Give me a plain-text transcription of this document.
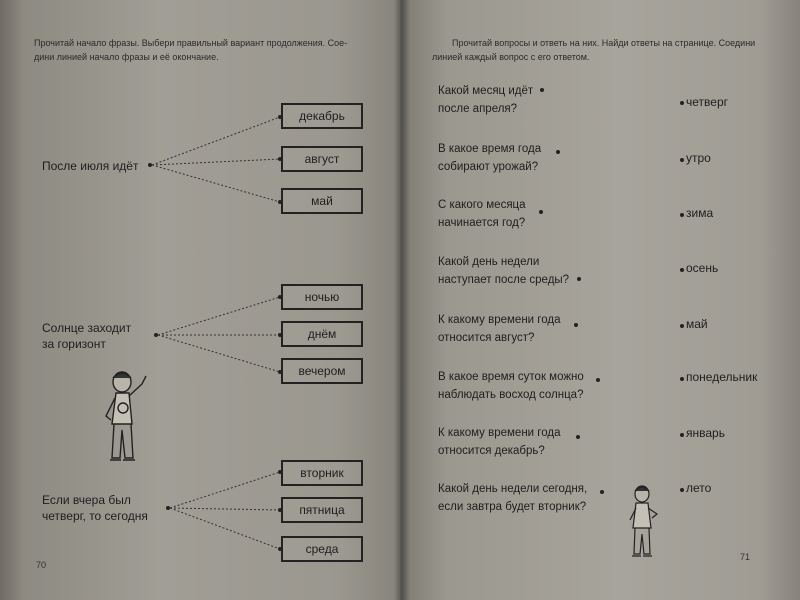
Прочитай начало фразы. Выбери правильный вариант продолжения. Сое-
дини линией начало фразы и её окончание.
После июля идёт
декабрь
август
май
Солнце заходит
за горизонт
ночью
днём
вечером
Если вчера был
четверг, то сегодня
вторник
пятница
среда
70
Прочитай вопросы и ответь на них. Найди ответы на странице. Соедини
линией каждый вопрос с его ответом.
Какой месяц идёт
после апреля?	четверг
В какое время года
собирают урожай?
утро
С какого месяца
начинается год?
зима
Какой день недели
наступает после среды?
осень
К какому времени года
относится август?
май
В какое время суток можно
наблюдать восход солнца?
понедельник
К какому времени года
относится декабрь?
январь
Какой день недели сегодня,
если завтра будет вторник?
лето
71
